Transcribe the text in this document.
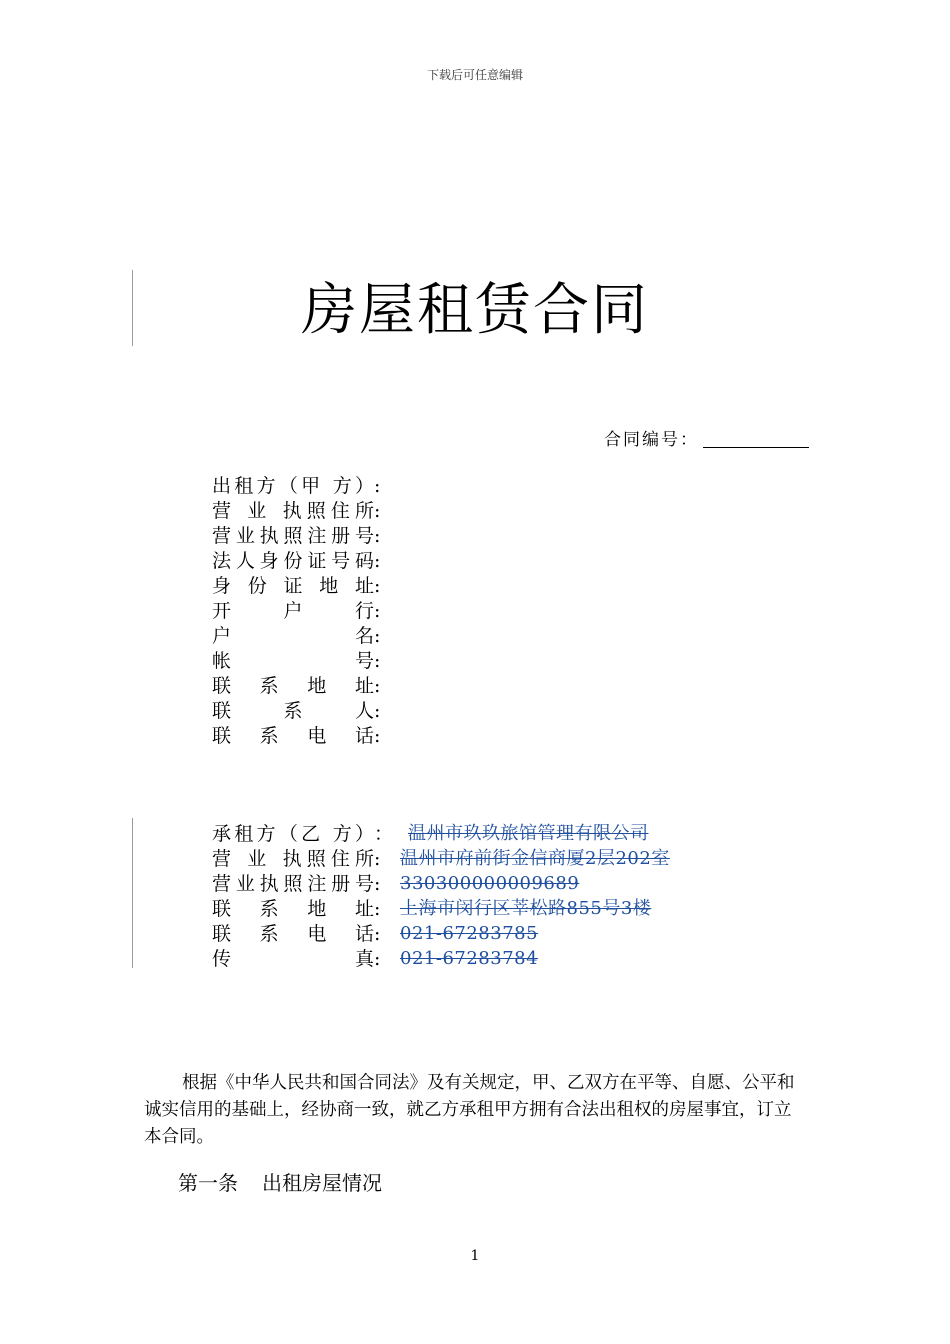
下载后可任意编辑
房屋租赁合同
合同编号：
出租方（甲 方） :
营 业 执照住所 :
营业执照注册号 :
法人身份证号码 :
身 份 证 地 址 :
开 户 行 :
户 名 :
帐 号 :
联 系 地 址 :
联 系 人 :
联 系 电 话 :
承租方（乙 方） ： 温州市玖玖旅馆管理有限公司
营 业 执照住所 :	温州市府前街金信商厦2层202室
营业执照注册号 :	330300000009689
联 系 地 址 :	上海市闵行区莘松路855号3楼
联 系 电 话 :	021-67283785
传 真 :	021-67283784

根据《中华人民共和国合同法》及有关规定，甲、乙双方在平等、自愿、公平和诚实信用的基础上，经协商一致，就乙方承租甲方拥有合法出租权的房屋事宜，订立本合同。

第一条 出租房屋情况
1
